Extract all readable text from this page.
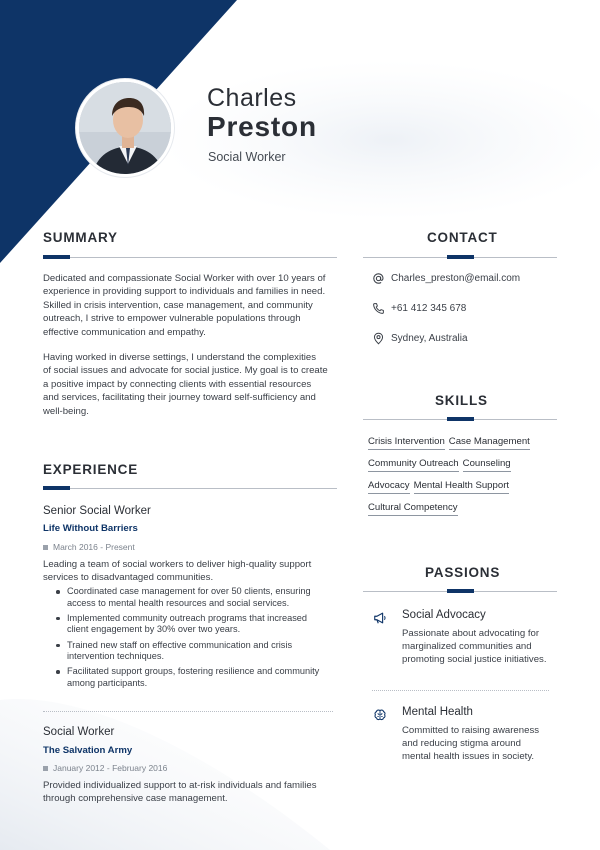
Charles
Preston
Social Worker
SUMMARY
Dedicated and compassionate Social Worker with over 10 years of
experience in providing support to individuals and families in need.
Skilled in crisis intervention, case management, and community
outreach, I strive to empower vulnerable populations through
effective communication and empathy.
Having worked in diverse settings, I understand the complexities
of social issues and advocate for social justice. My goal is to create
a positive impact by connecting clients with essential resources
and services, facilitating their journey toward self-sufficiency and
well-being.
EXPERIENCE
Senior Social Worker
Life Without Barriers
March 2016 - Present
Leading a team of social workers to deliver high-quality support
services to disadvantaged communities.
Coordinated case management for over 50 clients, ensuring
access to mental health resources and social services.
Implemented community outreach programs that increased
client engagement by 30% over two years.
Trained new staff on effective communication and crisis
intervention techniques.
Facilitated support groups, fostering resilience and community
among participants.
Social Worker
The Salvation Army
January 2012 - February 2016
Provided individualized support to at-risk individuals and families
through comprehensive case management.
CONTACT
Charles_preston@email.com
+61 412 345 678
Sydney, Australia
SKILLS
Crisis Intervention Case Management
Community Outreach Counseling
Advocacy Mental Health Support
Cultural Competency
PASSIONS
Social Advocacy
Passionate about advocating for
marginalized communities and
promoting social justice initiatives.
Mental Health
Committed to raising awareness
and reducing stigma around
mental health issues in society.
